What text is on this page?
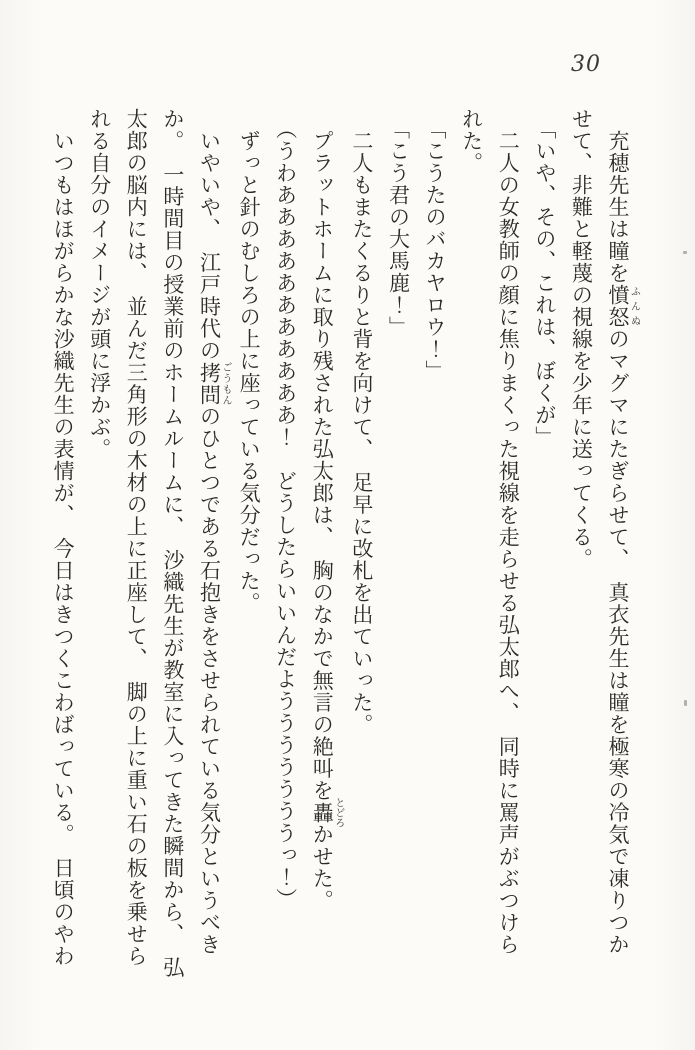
30

充穂先生は瞳を憤怒ふんぬのマグマにたぎらせて、　真衣先生は瞳を極寒の冷気で凍りつか

せて、非難と軽蔑の視線を少年に送ってくる。

「いや、その、これは、ぼくが」

二人の女教師の顔に焦りまくった視線を走らせる弘太郎へ、　同時に罵声がぶつけら

れた。

「こうたのバカヤロウ！」

「こう君の大馬鹿！」

二人もまたくるりと背を向けて、　足早に改札を出ていった。

プラットホームに取り残された弘太郎は、　胸のなかで無言の絶叫を轟とどろかせた。

（うわあああああああああああ！　どうしたらいいんだようううううううっ！）

ずっと針のむしろの上に座っている気分だった。

いやいや、　江戸時代の拷問ごうもんのひとつである石抱きをさせられている気分というべき

か。　一時間目の授業前のホームルームに、　沙織先生が教室に入ってきた瞬間から、　弘

太郎の脳内には、　並んだ三角形の木材の上に正座して、　脚の上に重い石の板を乗せら

れる自分のイメージが頭に浮かぶ。

いつもはほがらかな沙織先生の表情が、　今日はきつくこわばっている。　日頃のやわ
